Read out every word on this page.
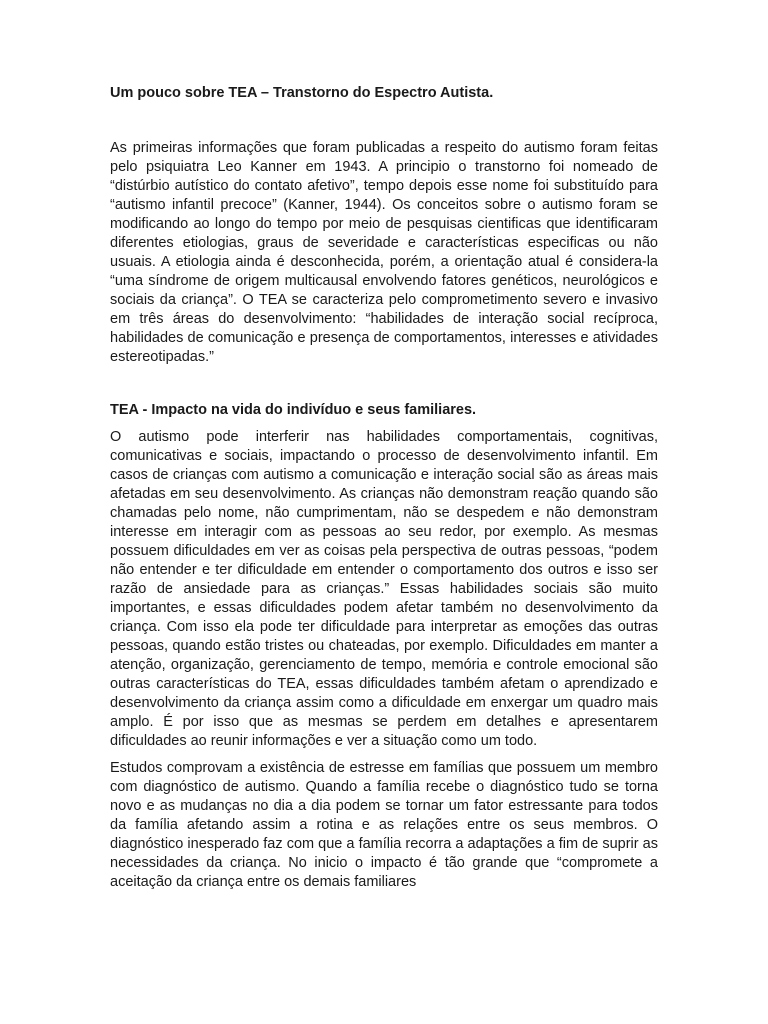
Um pouco sobre TEA – Transtorno do Espectro Autista.

As primeiras informações que foram publicadas a respeito do autismo foram feitas pelo psiquiatra Leo Kanner em 1943. A principio o transtorno foi nomeado de “distúrbio autístico do contato afetivo”, tempo depois esse nome foi substituído para “autismo infantil precoce” (Kanner, 1944). Os conceitos sobre o autismo foram se modificando ao longo do tempo por meio de pesquisas cientificas que identificaram diferentes etiologias, graus de severidade e características especificas ou não usuais. A etiologia ainda é desconhecida, porém, a orientação atual é considera-la “uma síndrome de origem multicausal envolvendo fatores genéticos, neurológicos e sociais da criança”. O TEA se caracteriza pelo comprometimento severo e invasivo em três áreas do desenvolvimento: “habilidades de interação social recíproca, habilidades de comunicação e presença de comportamentos, interesses e atividades estereotipadas.”

TEA - Impacto na vida do indivíduo e seus familiares.

O autismo pode interferir nas habilidades comportamentais, cognitivas, comunicativas e sociais, impactando o processo de desenvolvimento infantil. Em casos de crianças com autismo a comunicação e interação social são as áreas mais afetadas em seu desenvolvimento. As crianças não demonstram reação quando são chamadas pelo nome, não cumprimentam, não se despedem e não demonstram interesse em interagir com as pessoas ao seu redor, por exemplo. As mesmas possuem dificuldades em ver as coisas pela perspectiva de outras pessoas, “podem não entender e ter dificuldade em entender o comportamento dos outros e isso ser razão de ansiedade para as crianças.” Essas habilidades sociais são muito importantes, e essas dificuldades podem afetar também no desenvolvimento da criança. Com isso ela pode ter dificuldade para interpretar as emoções das outras pessoas, quando estão tristes ou chateadas, por exemplo. Dificuldades em manter a atenção, organização, gerenciamento de tempo, memória e controle emocional são outras características do TEA, essas dificuldades também afetam o aprendizado e desenvolvimento da criança assim como a dificuldade em enxergar um quadro mais amplo. É por isso que as mesmas se perdem em detalhes e apresentarem dificuldades ao reunir informações e ver a situação como um todo.

Estudos comprovam a existência de estresse em famílias que possuem um membro com diagnóstico de autismo. Quando a família recebe o diagnóstico tudo se torna novo e as mudanças no dia a dia podem se tornar um fator estressante para todos da família afetando assim a rotina e as relações entre os seus membros. O diagnóstico inesperado faz com que a família recorra a adaptações a fim de suprir as necessidades da criança. No inicio o impacto é tão grande que “compromete a aceitação da criança entre os demais familiares
